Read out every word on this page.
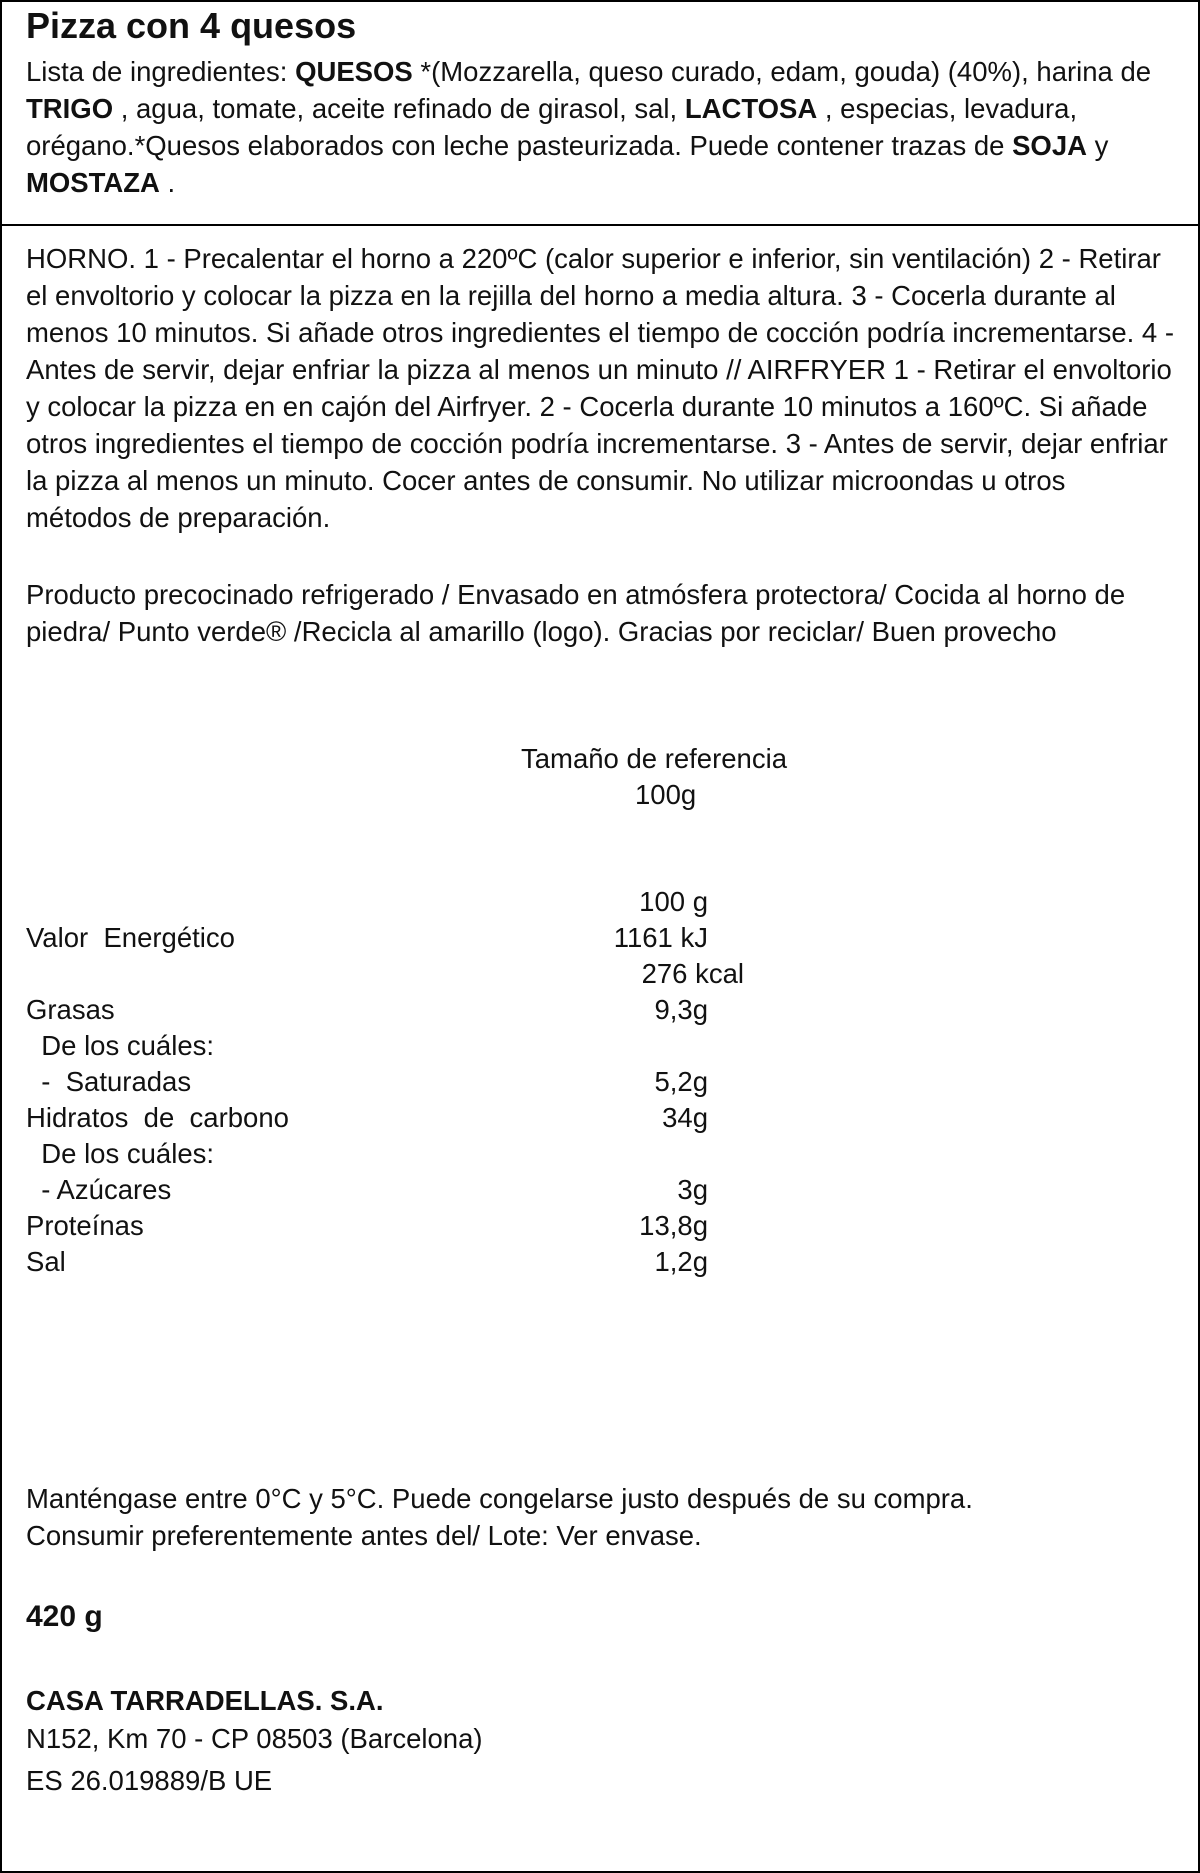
Pizza con 4 quesos
Lista de ingredientes: QUESOS *(Mozzarella, queso curado, edam, gouda) (40%), harina de TRIGO , agua, tomate, aceite refinado de girasol, sal, LACTOSA , especias, levadura, orégano.*Quesos elaborados con leche pasteurizada. Puede contener trazas de SOJA y MOSTAZA .
HORNO. 1 - Precalentar el horno a 220ºC (calor superior e inferior, sin ventilación) 2 - Retirar el envoltorio y colocar la pizza en la rejilla del horno a media altura. 3 - Cocerla durante al menos 10 minutos. Si añade otros ingredientes el tiempo de cocción podría incrementarse. 4 - Antes de servir, dejar enfriar la pizza al menos un minuto // AIRFRYER 1 - Retirar el envoltorio y colocar la pizza en en cajón del Airfryer. 2 - Cocerla durante 10 minutos a 160ºC. Si añade otros ingredientes el tiempo de cocción podría incrementarse. 3 - Antes de servir, dejar enfriar la pizza al menos un minuto. Cocer antes de consumir. No utilizar microondas u otros métodos de preparación.
Producto precocinado refrigerado / Envasado en atmósfera protectora/ Cocida al horno de piedra/ Punto verde® /Recicla al amarillo (logo). Gracias por reciclar/ Buen provecho
Tamaño de referencia
100g
100 g
Valor  Energético	1161 kJ
276 kcal
Grasas	9,3g
De los cuáles:
-  Saturadas	5,2g
Hidratos  de  carbono	34g
De los cuáles:
- Azúcares	3g
Proteínas	13,8g
Sal	1,2g
Manténgase entre 0°C y 5°C. Puede congelarse justo después de su compra.
Consumir preferentemente antes del/ Lote: Ver envase.
420 g
CASA TARRADELLAS. S.A.
N152, Km 70 - CP 08503 (Barcelona)
ES 26.019889/B UE
